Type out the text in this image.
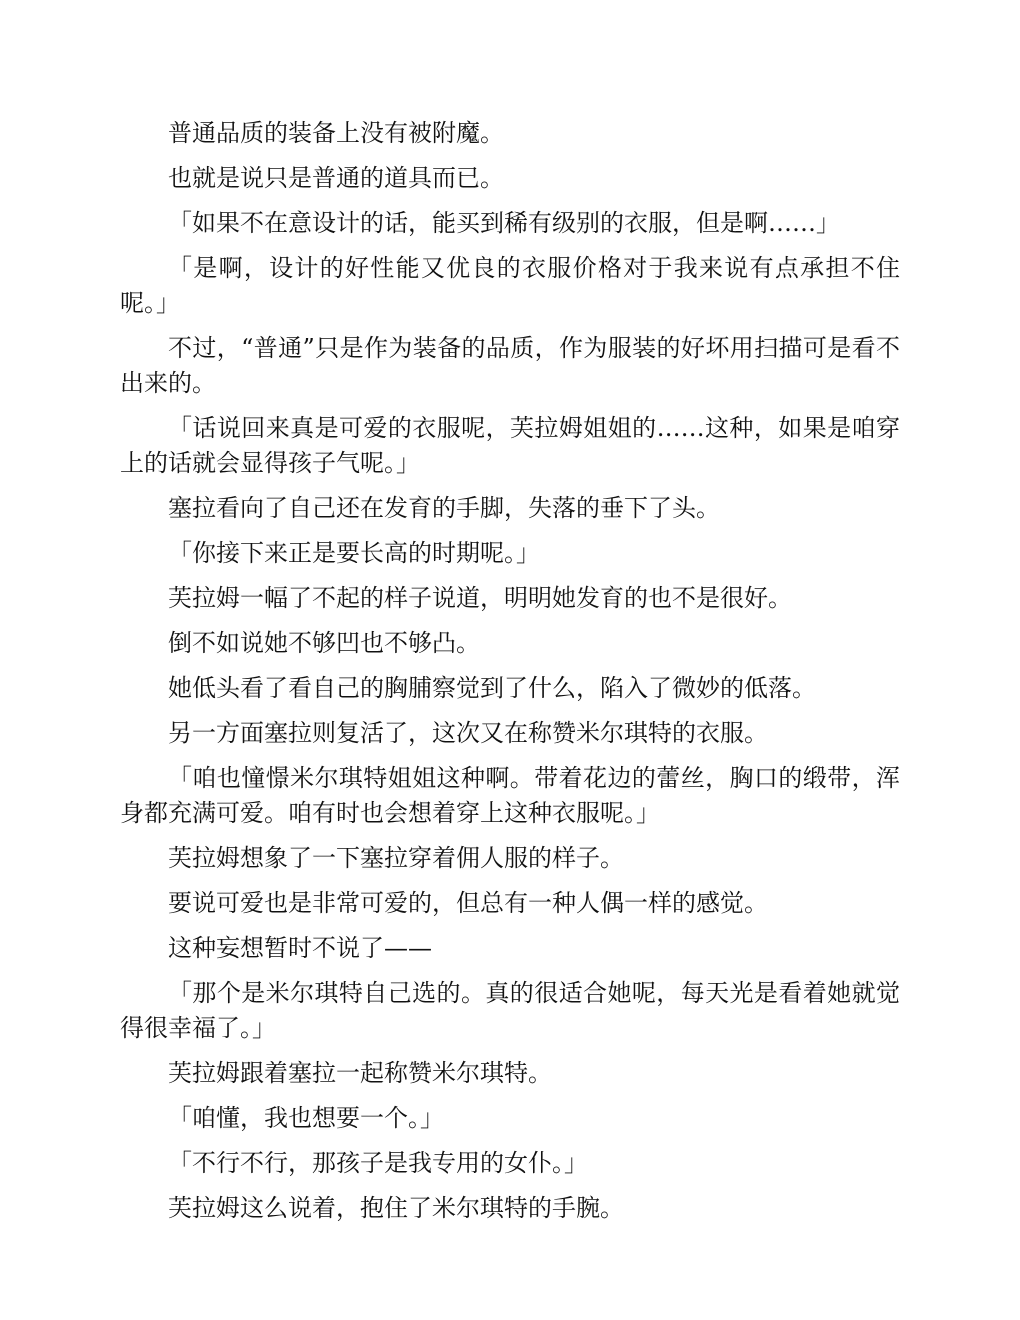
普通品质的装备上没有被附魔。

也就是说只是普通的道具而已。

「如果不在意设计的话，能买到稀有级别的衣服，但是啊……」

「是啊，设计的好性能又优良的衣服价格对于我来说有点承担不住呢。」

不过，“普通”只是作为装备的品质，作为服装的好坏用扫描可是看不出来的。

「话说回来真是可爱的衣服呢，芙拉姆姐姐的……这种，如果是咱穿上的话就会显得孩子气呢。」

塞拉看向了自己还在发育的手脚，失落的垂下了头。

「你接下来正是要长高的时期呢。」

芙拉姆一幅了不起的样子说道，明明她发育的也不是很好。

倒不如说她不够凹也不够凸。

她低头看了看自己的胸脯察觉到了什么，陷入了微妙的低落。

另一方面塞拉则复活了，这次又在称赞米尔琪特的衣服。

「咱也憧憬米尔琪特姐姐这种啊。带着花边的蕾丝，胸口的缎带，浑身都充满可爱。咱有时也会想着穿上这种衣服呢。」

芙拉姆想象了一下塞拉穿着佣人服的样子。

要说可爱也是非常可爱的，但总有一种人偶一样的感觉。

这种妄想暂时不说了——

「那个是米尔琪特自己选的。真的很适合她呢，每天光是看着她就觉得很幸福了。」

芙拉姆跟着塞拉一起称赞米尔琪特。

「咱懂，我也想要一个。」

「不行不行，那孩子是我专用的女仆。」

芙拉姆这么说着，抱住了米尔琪特的手腕。
